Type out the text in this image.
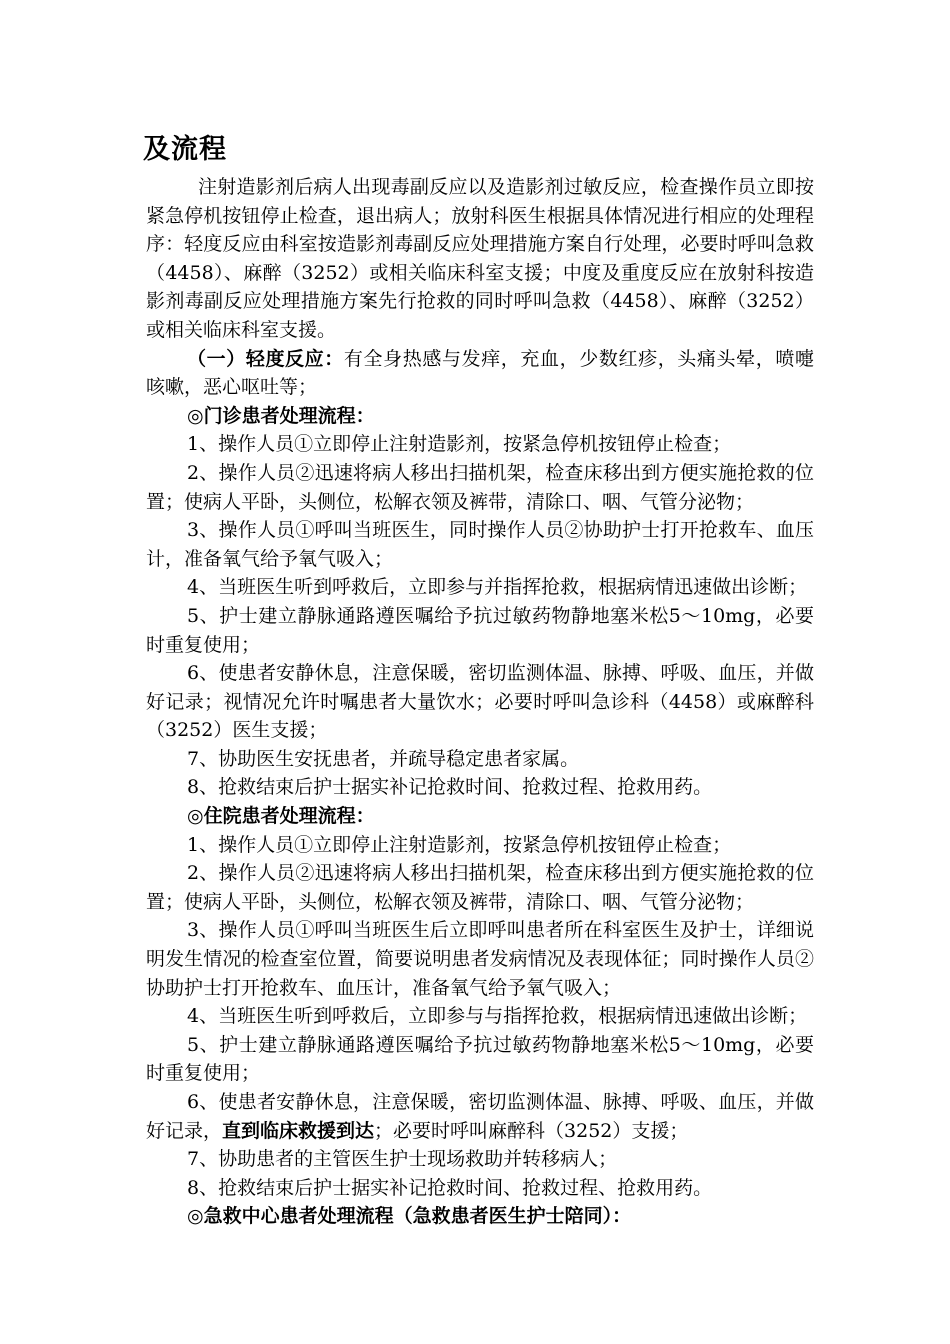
及流程

注射造影剂后病人出现毒副反应以及造影剂过敏反应，检查操作员立即按紧急停机按钮停止检查，退出病人；放射科医生根据具体情况进行相应的处理程序：轻度反应由科室按造影剂毒副反应处理措施方案自行处理，必要时呼叫急救（4458）、麻醉（3252）或相关临床科室支援；中度及重度反应在放射科按造影剂毒副反应处理措施方案先行抢救的同时呼叫急救（4458）、麻醉（3252）或相关临床科室支援。

（一）轻度反应：有全身热感与发痒，充血，少数红疹，头痛头晕，喷嚏咳嗽，恶心呕吐等；

◎门诊患者处理流程：

1、操作人员①立即停止注射造影剂，按紧急停机按钮停止检查；

2、操作人员②迅速将病人移出扫描机架，检查床移出到方便实施抢救的位置；使病人平卧，头侧位，松解衣领及裤带，清除口、咽、气管分泌物；

3、操作人员①呼叫当班医生，同时操作人员②协助护士打开抢救车、血压计，准备氧气给予氧气吸入；

4、当班医生听到呼救后，立即参与并指挥抢救，根据病情迅速做出诊断；

5、护士建立静脉通路遵医嘱给予抗过敏药物静地塞米松5～10mg，必要时重复使用；

6、使患者安静休息，注意保暖，密切监测体温、脉搏、呼吸、血压，并做好记录；视情况允许时嘱患者大量饮水；必要时呼叫急诊科（4458）或麻醉科（3252）医生支援；

7、协助医生安抚患者，并疏导稳定患者家属。

8、抢救结束后护士据实补记抢救时间、抢救过程、抢救用药。

◎住院患者处理流程：

1、操作人员①立即停止注射造影剂，按紧急停机按钮停止检查；

2、操作人员②迅速将病人移出扫描机架，检查床移出到方便实施抢救的位置；使病人平卧，头侧位，松解衣领及裤带，清除口、咽、气管分泌物；

3、操作人员①呼叫当班医生后立即呼叫患者所在科室医生及护士，详细说明发生情况的检查室位置，简要说明患者发病情况及表现体征；同时操作人员②协助护士打开抢救车、血压计，准备氧气给予氧气吸入；

4、当班医生听到呼救后，立即参与与指挥抢救，根据病情迅速做出诊断；

5、护士建立静脉通路遵医嘱给予抗过敏药物静地塞米松5～10mg，必要时重复使用；

6、使患者安静休息，注意保暖，密切监测体温、脉搏、呼吸、血压，并做好记录，直到临床救援到达；必要时呼叫麻醉科（3252）支援；

7、协助患者的主管医生护士现场救助并转移病人；

8、抢救结束后护士据实补记抢救时间、抢救过程、抢救用药。

◎急救中心患者处理流程（急救患者医生护士陪同）：
